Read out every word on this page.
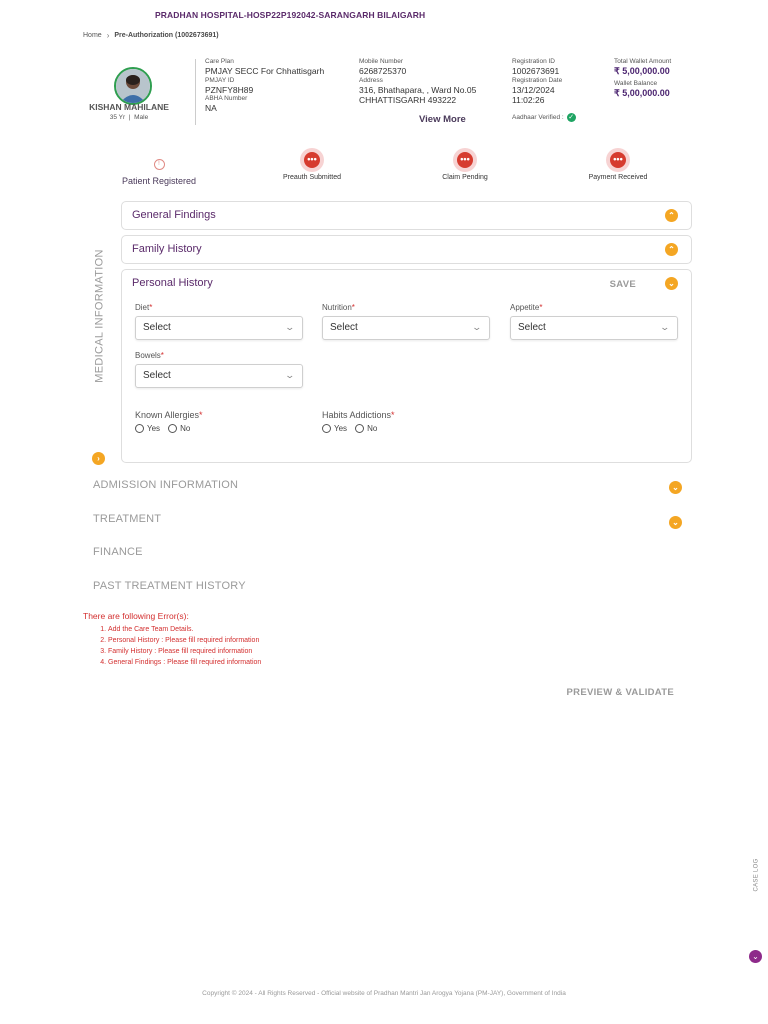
PRADHAN HOSPITAL-HOSP22P192042-SARANGARH BILAIGARH
Home › Pre-Authorization (1002673691)
KISHAN MAHILANE
35 Yr | Male
Care Plan
PMJAY SECC For Chhattisgarh
PMJAY ID
PZNFY8H89
ABHA Number
NA
Mobile Number
6268725370
Address
316, Bhathapara, , Ward No.05
CHHATTISGARH 493222
View More
Registration ID
1002673691
Registration Date
13/12/2024
11:02:26
Aadhaar Verified : ✓
Total Wallet Amount
₹ 5,00,000.00
Wallet Balance
₹ 5,00,000.00
!
Patient Registered
•••
Preauth Submitted
•••
Claim Pending
•••
Payment Received
MEDICAL INFORMATION
General Findings	⌃
Family History	⌃
Personal History	SAVE	⌄
Diet*
Select	⌄
Nutrition*
Select	⌄
Appetite*
Select	⌄
Bowels*
Select	⌄
Known Allergies*
Yes	No
Habits Addictions*
Yes	No
›
ADMISSION INFORMATION	⌄
TREATMENT	⌄
FINANCE
PAST TREATMENT HISTORY
There are following Error(s):
1. Add the Care Team Details.
2. Personal History : Please fill required information
3. Family History : Please fill required information
4. General Findings : Please fill required information
PREVIEW & VALIDATE
CASE LOG
⌄
Copyright © 2024 - All Rights Reserved - Official website of Pradhan Mantri Jan Arogya Yojana (PM-JAY), Government of India
